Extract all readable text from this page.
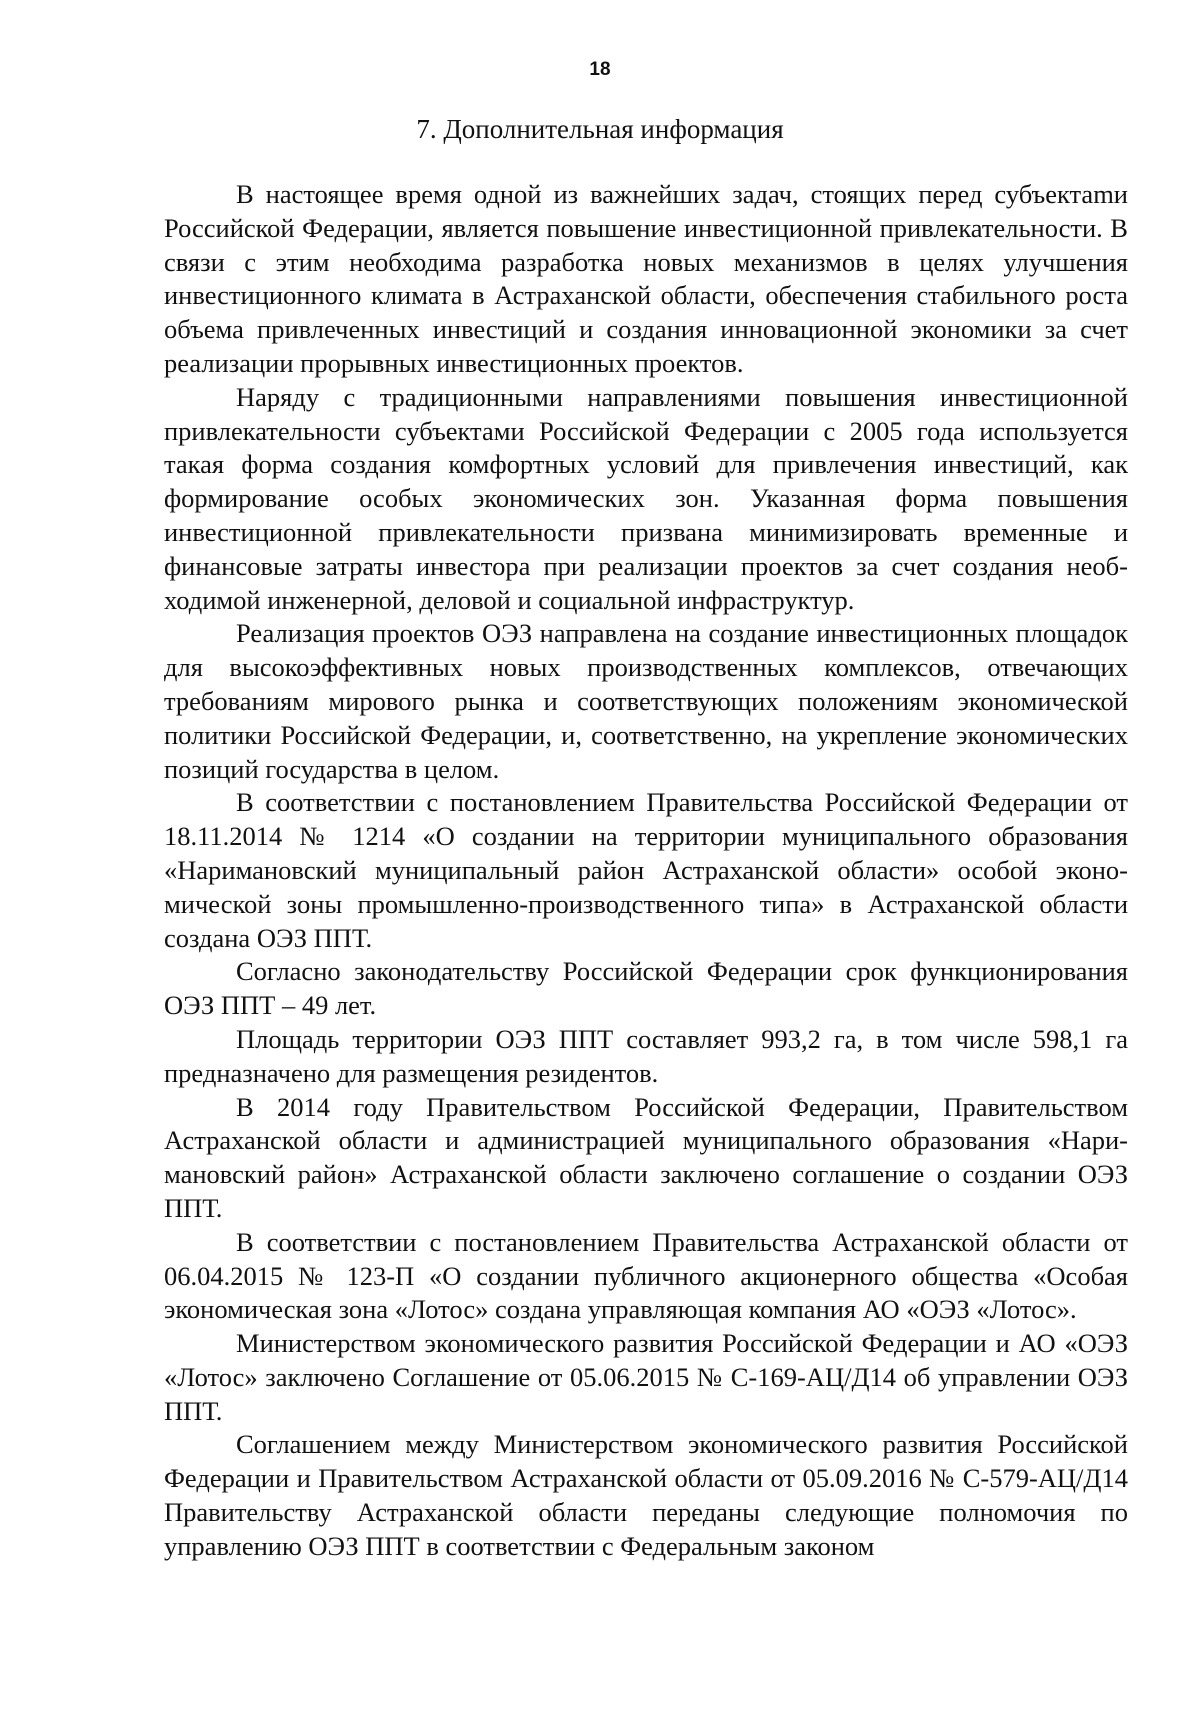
18
7. Дополнительная информация

В настоящее время одной из важнейших задач, стоящих перед субъектаmи Российской Федерации, является повышение инвестиционной привлекательности. В связи с этим необходима разработка новых механизмов в целях улучшения инвестиционного климата в Астраханской области, обеспечения стабильного роста объема привлеченных инвестиций и создания инновационной экономики за счет реализации прорывных инвестиционных проектов.

Наряду с традиционными направлениями повышения инвестиционной привлекательности субъектами Российской Федерации с 2005 года используется такая форма создания комфортных условий для привлечения инвестиций, как формирование особых экономических зон. Указанная форма повышения инвестиционной привлекательности призвана минимизировать временные и финансовые затраты инвестора при реализации проектов за счет создания необходимой инженерной, деловой и социальной инфраструктур.

Реализация проектов ОЭЗ направлена на создание инвестиционных площадок для высокоэффективных новых производственных комплексов, отвечающих требованиям мирового рынка и соответствующих положениям экономической политики Российской Федерации, и, соответственно, на укрепление экономических позиций государства в целом.

В соответствии с постановлением Правительства Российской Федерации от 18.11.2014 № 1214 «О создании на территории муниципального образования «Наримановский муниципальный район Астраханской области» особой экономической зоны промышленно-производственного типа» в Астраханской области создана ОЭЗ ППТ.

Согласно законодательству Российской Федерации срок функционирования ОЭЗ ППТ – 49 лет.

Площадь территории ОЭЗ ППТ составляет 993,2 га, в том числе 598,1 га предназначено для размещения резидентов.

В 2014 году Правительством Российской Федерации, Правительством Астраханской области и администрацией муниципального образования «Наримановский район» Астраханской области заключено соглашение о создании ОЭЗ ППТ.

В соответствии с постановлением Правительства Астраханской области от 06.04.2015 № 123-П «О создании публичного акционерного общества «Особая экономическая зона «Лотос» создана управляющая компания АО «ОЭЗ «Лотос».

Министерством экономического развития Российской Федерации и АО «ОЭЗ «Лотос» заключено Соглашение от 05.06.2015 № С-169-АЦ/Д14 об управлении ОЭЗ ППТ.

Соглашением между Министерством экономического развития Российской Федерации и Правительством Астраханской области от 05.09.2016 № С-579-АЦ/Д14 Правительству Астраханской области переданы следующие полномочия по управлению ОЭЗ ППТ в соответствии с Федеральным законом
